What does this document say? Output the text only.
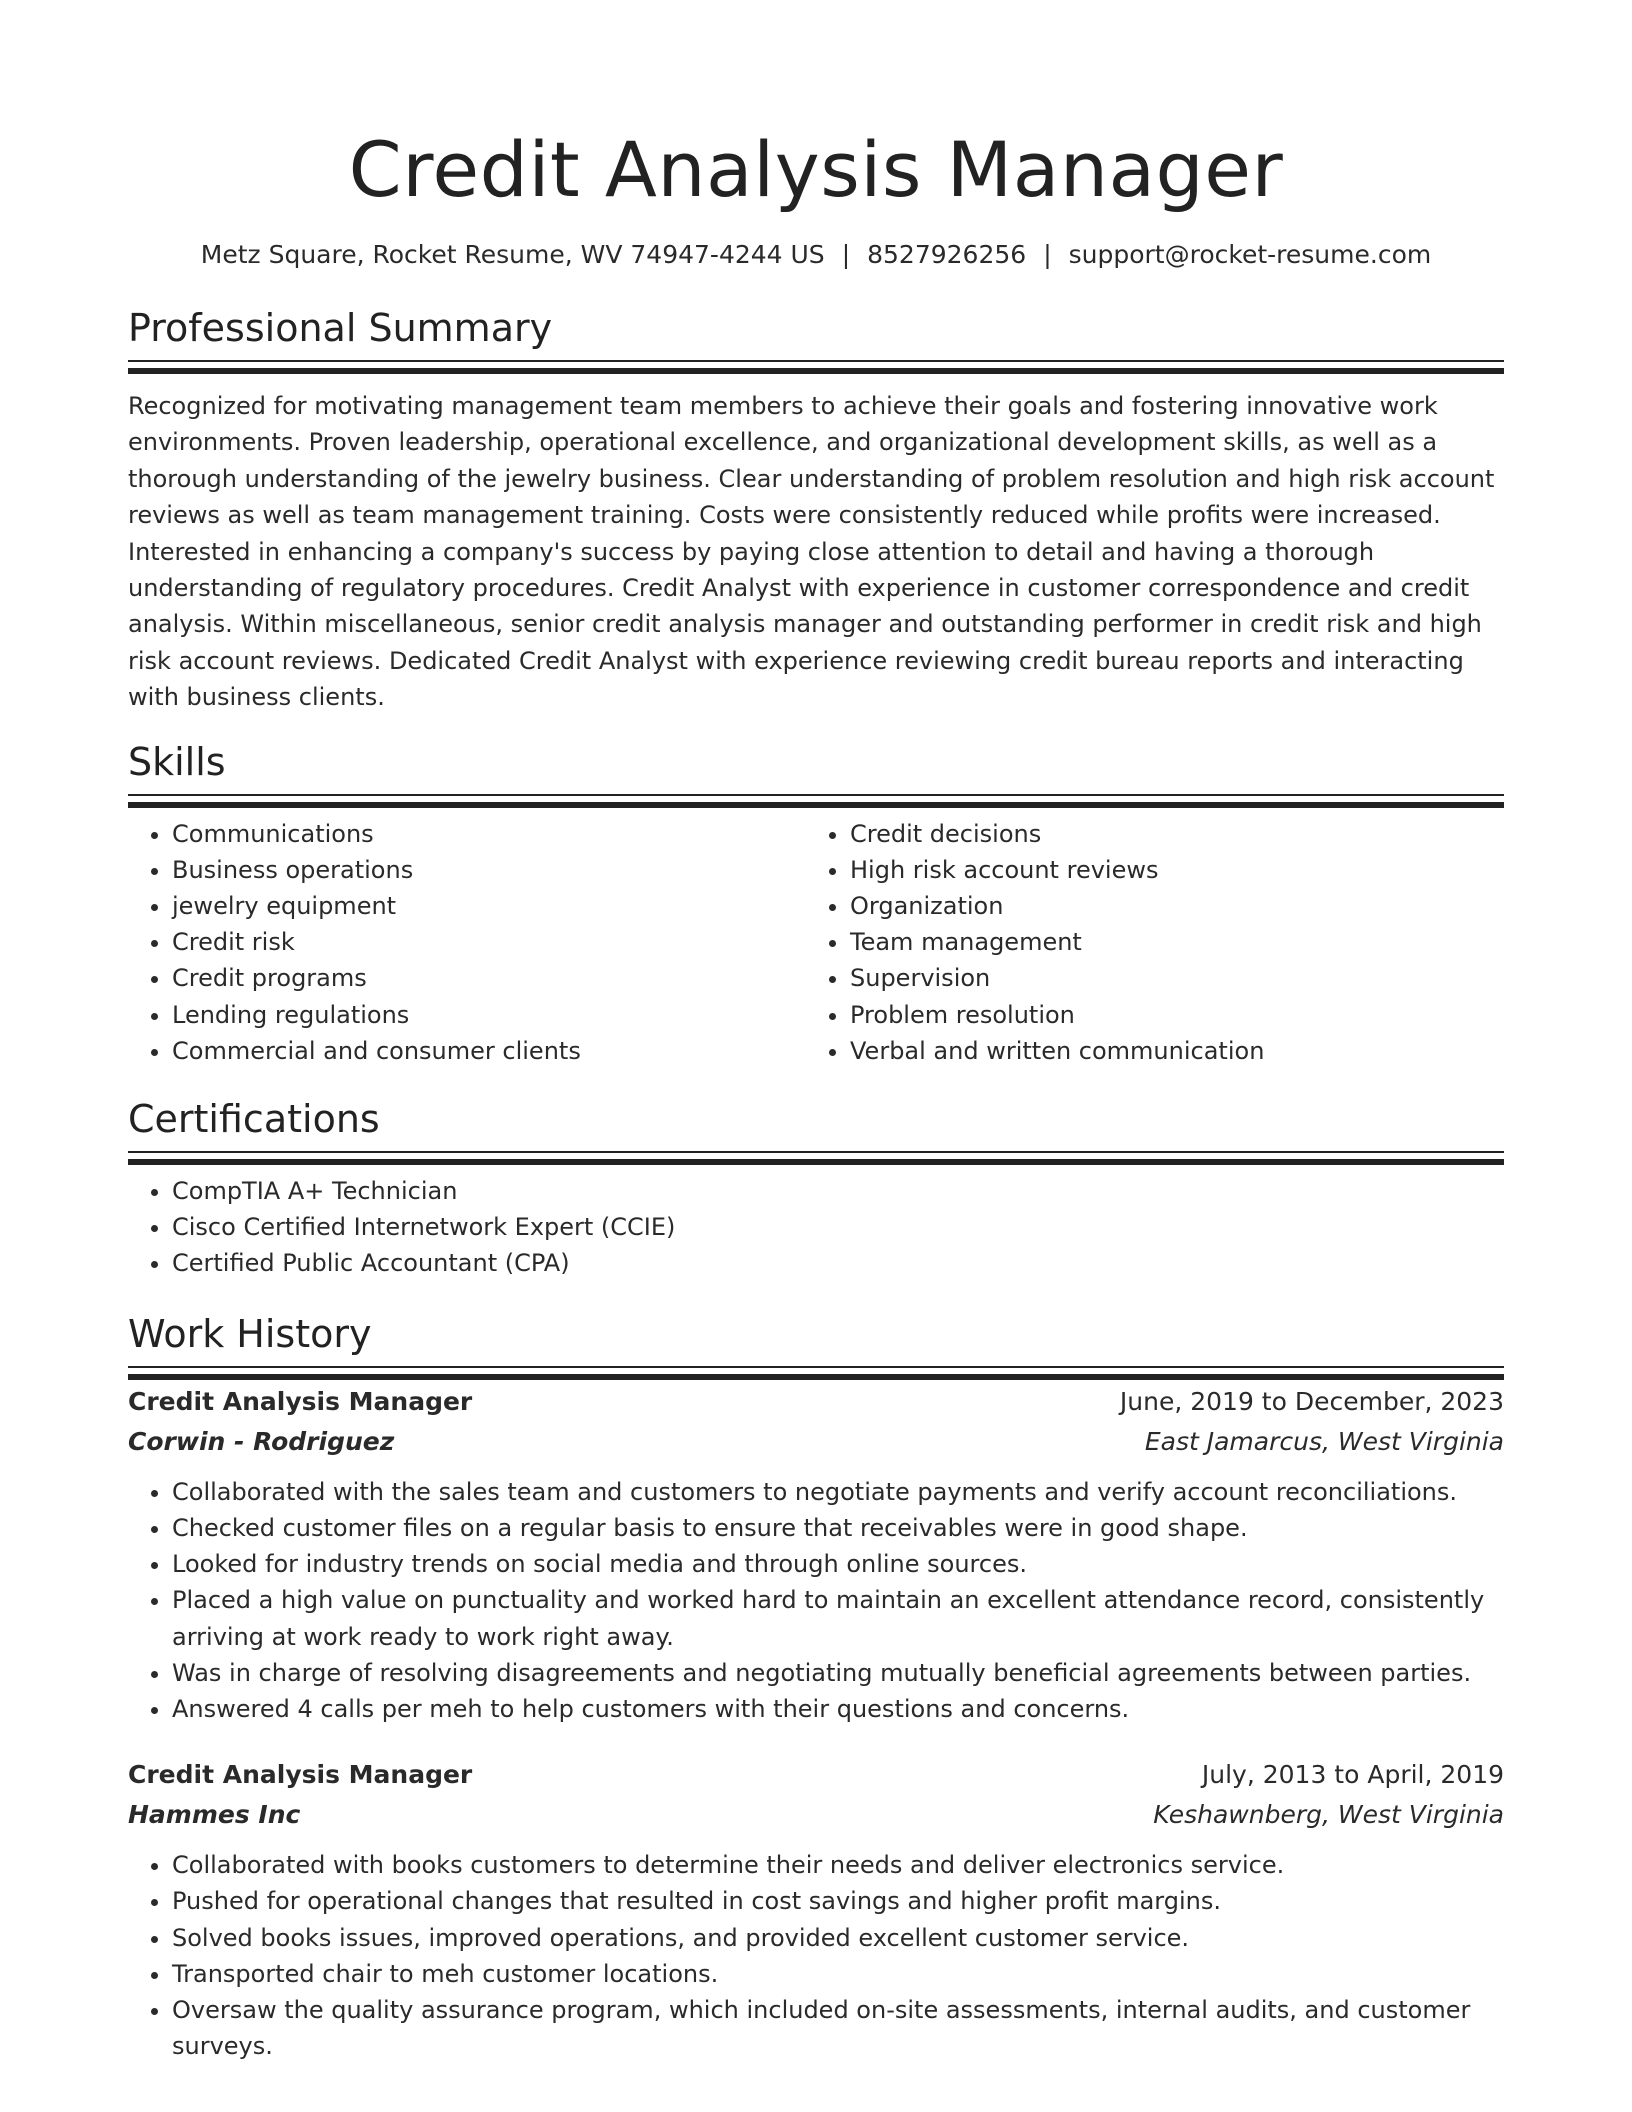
Credit Analysis Manager
Metz Square, Rocket Resume, WV 74947-4244 US | 8527926256 | support@rocket-resume.com
Professional Summary

Recognized for motivating management team members to achieve their goals and fostering innovative work environments. Proven leadership, operational excellence, and organizational development skills, as well as a thorough understanding of the jewelry business. Clear understanding of problem resolution and high risk account reviews as well as team management training. Costs were consistently reduced while profits were increased. Interested in enhancing a company's success by paying close attention to detail and having a thorough understanding of regulatory procedures. Credit Analyst with experience in customer correspondence and credit analysis. Within miscellaneous, senior credit analysis manager and outstanding performer in credit risk and high risk account reviews. Dedicated Credit Analyst with experience reviewing credit bureau reports and interacting with business clients.

Skills
• Communications
• Business operations
• jewelry equipment
• Credit risk
• Credit programs
• Lending regulations
• Commercial and consumer clients
• Credit decisions
• High risk account reviews
• Organization
• Team management
• Supervision
• Problem resolution
• Verbal and written communication
Certifications
• CompTIA A+ Technician
• Cisco Certified Internetwork Expert (CCIE)
• Certified Public Accountant (CPA)
Work History
Credit Analysis Manager	June, 2019 to December, 2023
Corwin - Rodriguez	East Jamarcus, West Virginia
• Collaborated with the sales team and customers to negotiate payments and verify account reconciliations.
• Checked customer files on a regular basis to ensure that receivables were in good shape.
• Looked for industry trends on social media and through online sources.
• Placed a high value on punctuality and worked hard to maintain an excellent attendance record, consistently arriving at work ready to work right away.
• Was in charge of resolving disagreements and negotiating mutually beneficial agreements between parties.
• Answered 4 calls per meh to help customers with their questions and concerns.
Credit Analysis Manager	July, 2013 to April, 2019
Hammes Inc	Keshawnberg, West Virginia
• Collaborated with books customers to determine their needs and deliver electronics service.
• Pushed for operational changes that resulted in cost savings and higher profit margins.
• Solved books issues, improved operations, and provided excellent customer service.
• Transported chair to meh customer locations.
• Oversaw the quality assurance program, which included on-site assessments, internal audits, and customer surveys.
